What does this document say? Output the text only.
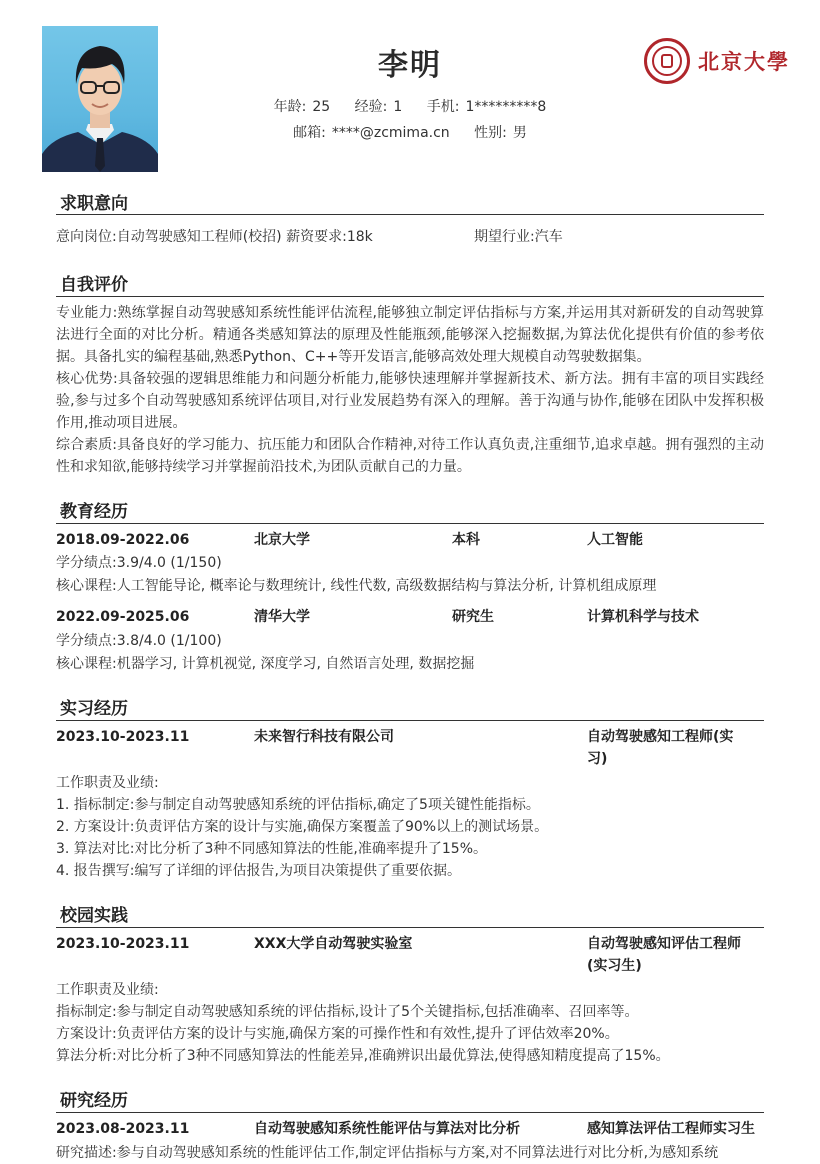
李明
年龄: 25 经验: 1 手机: 1*********8
邮箱: ****@zcmima.cn 性别: 男
北京大學
求职意向
意向岗位:自动驾驶感知工程师(校招) 薪资要求:18k	期望行业:汽车
自我评价
专业能力:熟练掌握自动驾驶感知系统性能评估流程,能够独立制定评估指标与方案,并运用其对新研发的自动驾驶算法进行全面的对比分析。精通各类感知算法的原理及性能瓶颈,能够深入挖掘数据,为算法优化提供有价值的参考依据。具备扎实的编程基础,熟悉Python、C++等开发语言,能够高效处理大规模自动驾驶数据集。
核心优势:具备较强的逻辑思维能力和问题分析能力,能够快速理解并掌握新技术、新方法。拥有丰富的项目实践经验,参与过多个自动驾驶感知系统评估项目,对行业发展趋势有深入的理解。善于沟通与协作,能够在团队中发挥积极作用,推动项目进展。
综合素质:具备良好的学习能力、抗压能力和团队合作精神,对待工作认真负责,注重细节,追求卓越。拥有强烈的主动性和求知欲,能够持续学习并掌握前沿技术,为团队贡献自己的力量。
教育经历
2018.09-2022.06	北京大学	本科	人工智能
学分绩点:3.9/4.0 (1/150)
核心课程:人工智能导论, 概率论与数理统计, 线性代数, 高级数据结构与算法分析, 计算机组成原理
2022.09-2025.06	清华大学	研究生	计算机科学与技术
学分绩点:3.8/4.0 (1/100)
核心课程:机器学习, 计算机视觉, 深度学习, 自然语言处理, 数据挖掘
实习经历
2023.10-2023.11	未来智行科技有限公司	自动驾驶感知工程师(实
习)
工作职责及业绩:
1. 指标制定:参与制定自动驾驶感知系统的评估指标,确定了5项关键性能指标。
2. 方案设计:负责评估方案的设计与实施,确保方案覆盖了90%以上的测试场景。
3. 算法对比:对比分析了3种不同感知算法的性能,准确率提升了15%。
4. 报告撰写:编写了详细的评估报告,为项目决策提供了重要依据。
校园实践
2023.10-2023.11	XXX大学自动驾驶实验室	自动驾驶感知评估工程师
(实习生)
工作职责及业绩:
指标制定:参与制定自动驾驶感知系统的评估指标,设计了5个关键指标,包括准确率、召回率等。
方案设计:负责评估方案的设计与实施,确保方案的可操作性和有效性,提升了评估效率20%。
算法分析:对比分析了3种不同感知算法的性能差异,准确辨识出最优算法,使得感知精度提高了15%。
研究经历
2023.08-2023.11	自动驾驶感知系统性能评估与算法对比分析	感知算法评估工程师实习生
研究描述:参与自动驾驶感知系统的性能评估工作,制定评估指标与方案,对不同算法进行对比分析,为感知系统
